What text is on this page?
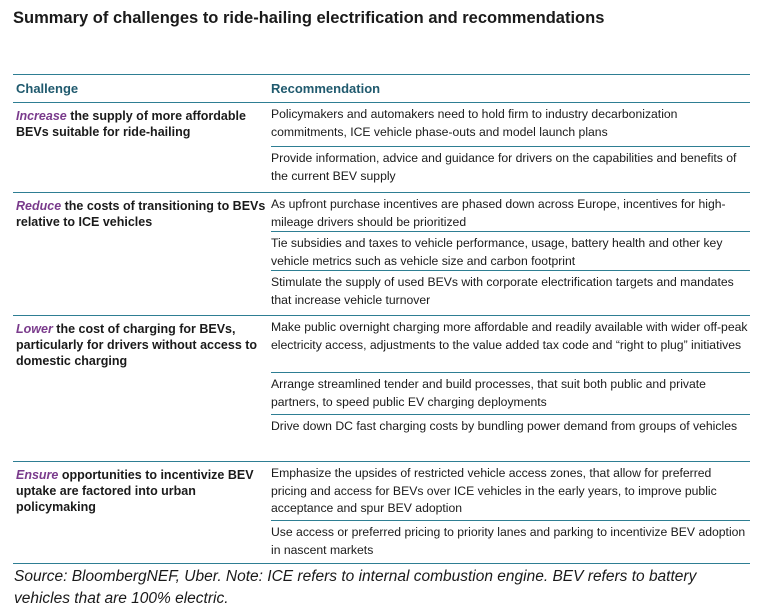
Summary of challenges to ride-hailing electrification and recommendations
Challenge	Recommendation
Increase the supply of more affordable BEVs suitable for ride-hailing
Policymakers and automakers need to hold firm to industry decarbonization commitments, ICE vehicle phase-outs and model launch plans
Provide information, advice and guidance for drivers on the capabilities and benefits of the current BEV supply
Reduce the costs of transitioning to BEVs relative to ICE vehicles
As upfront purchase incentives are phased down across Europe, incentives for high-mileage drivers should be prioritized
Tie subsidies and taxes to vehicle performance, usage, battery health and other key vehicle metrics such as vehicle size and carbon footprint
Stimulate the supply of used BEVs with corporate electrification targets and mandates that increase vehicle turnover
Lower the cost of charging for BEVs, particularly for drivers without access to domestic charging
Make public overnight charging more affordable and readily available with wider off-peak electricity access, adjustments to the value added tax code and “right to plug” initiatives
Arrange streamlined tender and build processes, that suit both public and private partners, to speed public EV charging deployments
Drive down DC fast charging costs by bundling power demand from groups of vehicles
Ensure opportunities to incentivize BEV uptake are factored into urban policymaking
Emphasize the upsides of restricted vehicle access zones, that allow for preferred pricing and access for BEVs over ICE vehicles in the early years, to improve public acceptance and spur BEV adoption
Use access or preferred pricing to priority lanes and parking to incentivize BEV adoption in nascent markets
Source: BloombergNEF, Uber. Note: ICE refers to internal combustion engine. BEV refers to battery vehicles that are 100% electric.
